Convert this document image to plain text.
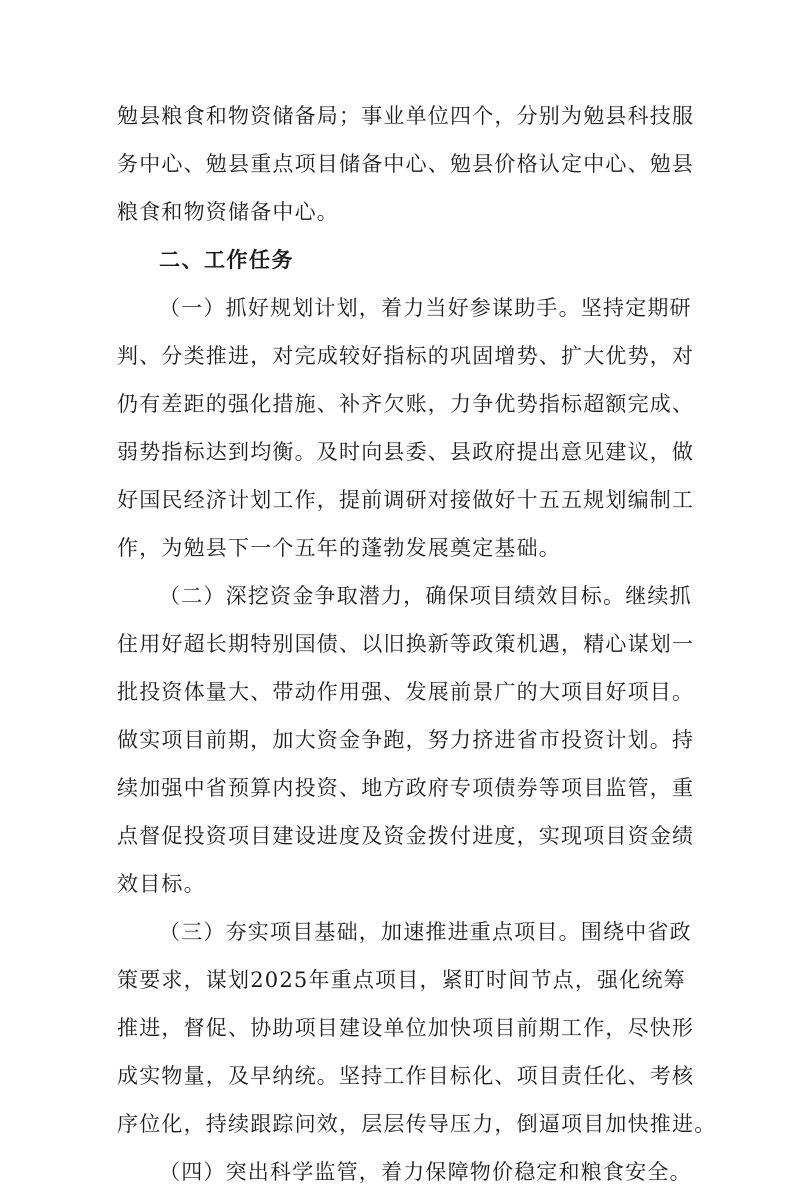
勉县粮食和物资储备局；事业单位四个，分别为勉县科技服
务中心、勉县重点项目储备中心、勉县价格认定中心、勉县
粮食和物资储备中心。
二、工作任务
（一）抓好规划计划，着力当好参谋助手。坚持定期研
判、分类推进，对完成较好指标的巩固增势、扩大优势，对
仍有差距的强化措施、补齐欠账，力争优势指标超额完成、
弱势指标达到均衡。及时向县委、县政府提出意见建议，做
好国民经济计划工作，提前调研对接做好十五五规划编制工
作，为勉县下一个五年的蓬勃发展奠定基础。
（二）深挖资金争取潜力，确保项目绩效目标。继续抓
住用好超长期特别国债、以旧换新等政策机遇，精心谋划一
批投资体量大、带动作用强、发展前景广的大项目好项目。
做实项目前期，加大资金争跑，努力挤进省市投资计划。持
续加强中省预算内投资、地方政府专项债券等项目监管，重
点督促投资项目建设进度及资金拨付进度，实现项目资金绩
效目标。
（三）夯实项目基础，加速推进重点项目。围绕中省政
策要求，谋划2025年重点项目，紧盯时间节点，强化统筹
推进，督促、协助项目建设单位加快项目前期工作，尽快形
成实物量，及早纳统。坚持工作目标化、项目责任化、考核
序位化，持续跟踪问效，层层传导压力，倒逼项目加快推进。
（四）突出科学监管，着力保障物价稳定和粮食安全。
